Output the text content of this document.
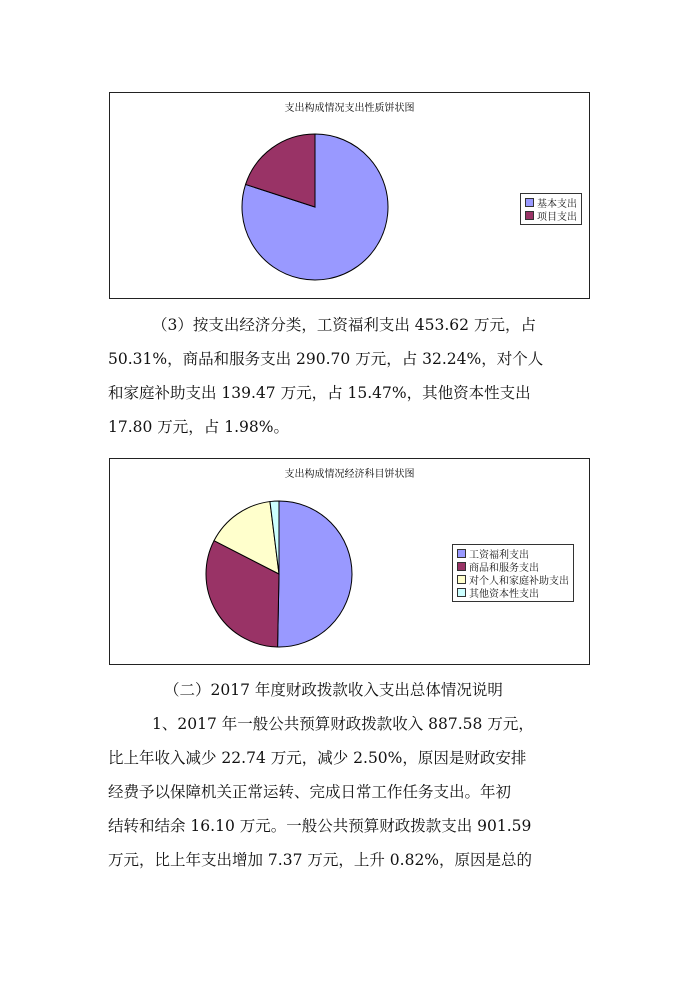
支出构成情况支出性质饼状图
基本支出
项目支出
（3）按支出经济分类，工资福利支出 453.62 万元，占
50.31%，商品和服务支出 290.70 万元，占 32.24%，对个人
和家庭补助支出 139.47 万元，占 15.47%，其他资本性支出
17.80 万元，占 1.98%。
支出构成情况经济科目饼状图
工资福利支出
商品和服务支出
对个人和家庭补助支出
其他资本性支出
（二）2017 年度财政拨款收入支出总体情况说明
1、2017 年一般公共预算财政拨款收入 887.58 万元，
比上年收入减少 22.74 万元，减少 2.50%，原因是财政安排
经费予以保障机关正常运转、完成日常工作任务支出。年初
结转和结余 16.10 万元。一般公共预算财政拨款支出 901.59
万元，比上年支出增加 7.37 万元，上升 0.82%，原因是总的
